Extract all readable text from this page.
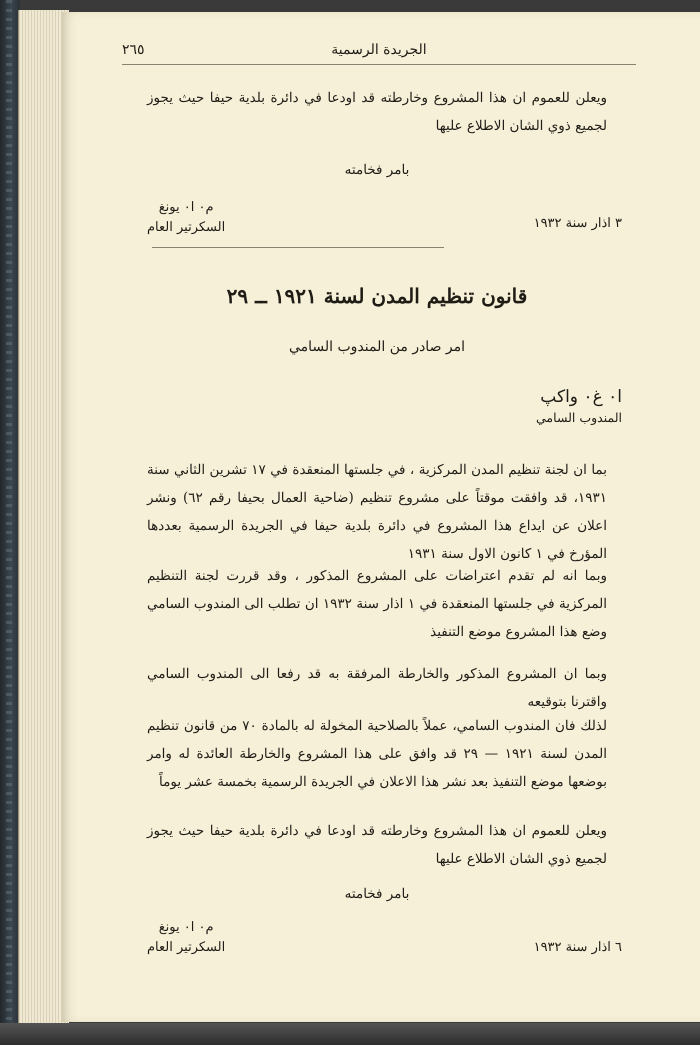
٢٦٥	الجريدة الرسمية

ويعلن للعموم ان هذا المشروع وخارطته قد اودعا في دائرة بلدية حيفا حيث يجوز لجميع ذوي الشان الاطلاع عليها

بامر فخامته
م٠ ا٠ يونغ
السكرتير العام	٣ اذار سنة ١٩٣٢
قانون تنظيم المدن لسنة ١٩٢١ ــ ٢٩
امر صادر من المندوب السامي
ا٠ غ٠ واكپ
المندوب السامي

بما ان لجنة تنظيم المدن المركزية ، في جلستها المنعقدة في ١٧ تشرين الثاني سنة ١٩٣١، قد وافقت موقتاً على مشروع تنظيم (ضاحية العمال بحيفا رقم ٦٢) ونشر اعلان عن ايداع هذا المشروع في دائرة بلدية حيفا في الجريدة الرسمية بعددها المؤرخ في ١ كانون الاول سنة ١٩٣١

وبما انه لم تقدم اعتراضات على المشروع المذكور ، وقد قررت لجنة التنظيم المركزية في جلستها المنعقدة في ١ اذار سنة ١٩٣٢ ان تطلب الى المندوب السامي وضع هذا المشروع موضع التنفيذ

وبما ان المشروع المذكور والخارطة المرفقة به قد رفعا الى المندوب السامي واقترنا بتوقيعه

لذلك فان المندوب السامي، عملاً بالصلاحية المخولة له بالمادة ٧٠ من قانون تنظيم المدن لسنة ١٩٢١ — ٢٩ قد وافق على هذا المشروع والخارطة العائدة له وامر بوضعها موضع التنفيذ بعد نشر هذا الاعلان في الجريدة الرسمية بخمسة عشر يوماً

ويعلن للعموم ان هذا المشروع وخارطته قد اودعا في دائرة بلدية حيفا حيث يجوز لجميع ذوي الشان الاطلاع عليها

بامر فخامته
م٠ ا٠ يونغ
السكرتير العام	٦ اذار سنة ١٩٣٢
